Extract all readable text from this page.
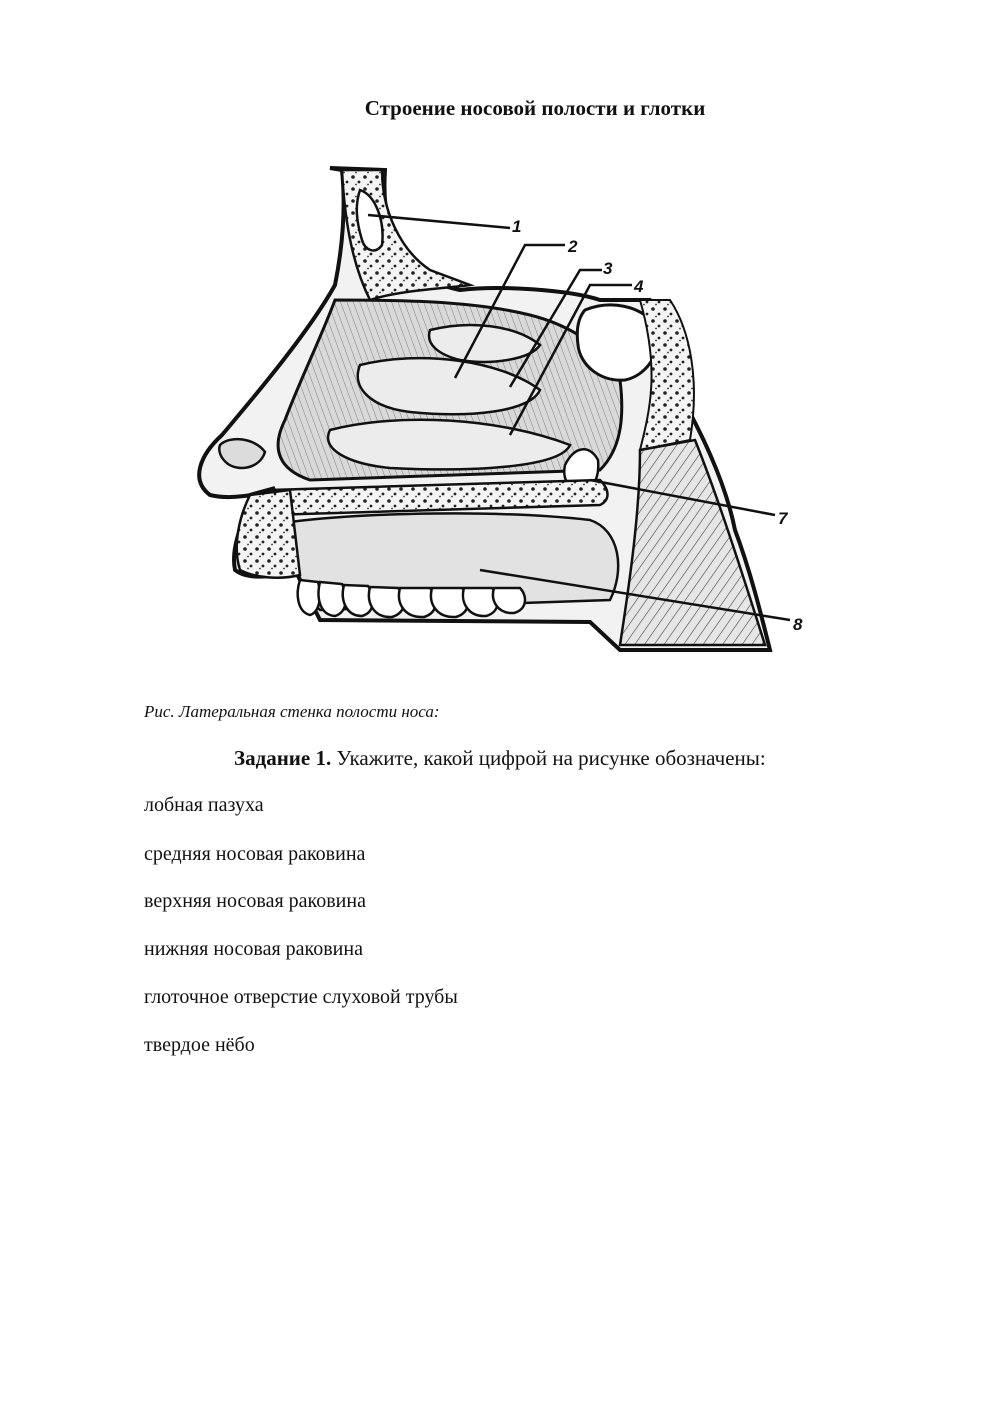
Строение носовой полости и глотки
1
2
3
4
7
8
Рис. Латеральная стенка полости носа:
Задание 1. Укажите, какой цифрой на рисунке обозначены:
лобная пазуха
средняя носовая раковина
верхняя носовая раковина
нижняя носовая раковина
глоточное отверстие слуховой трубы
твердое нёбо
